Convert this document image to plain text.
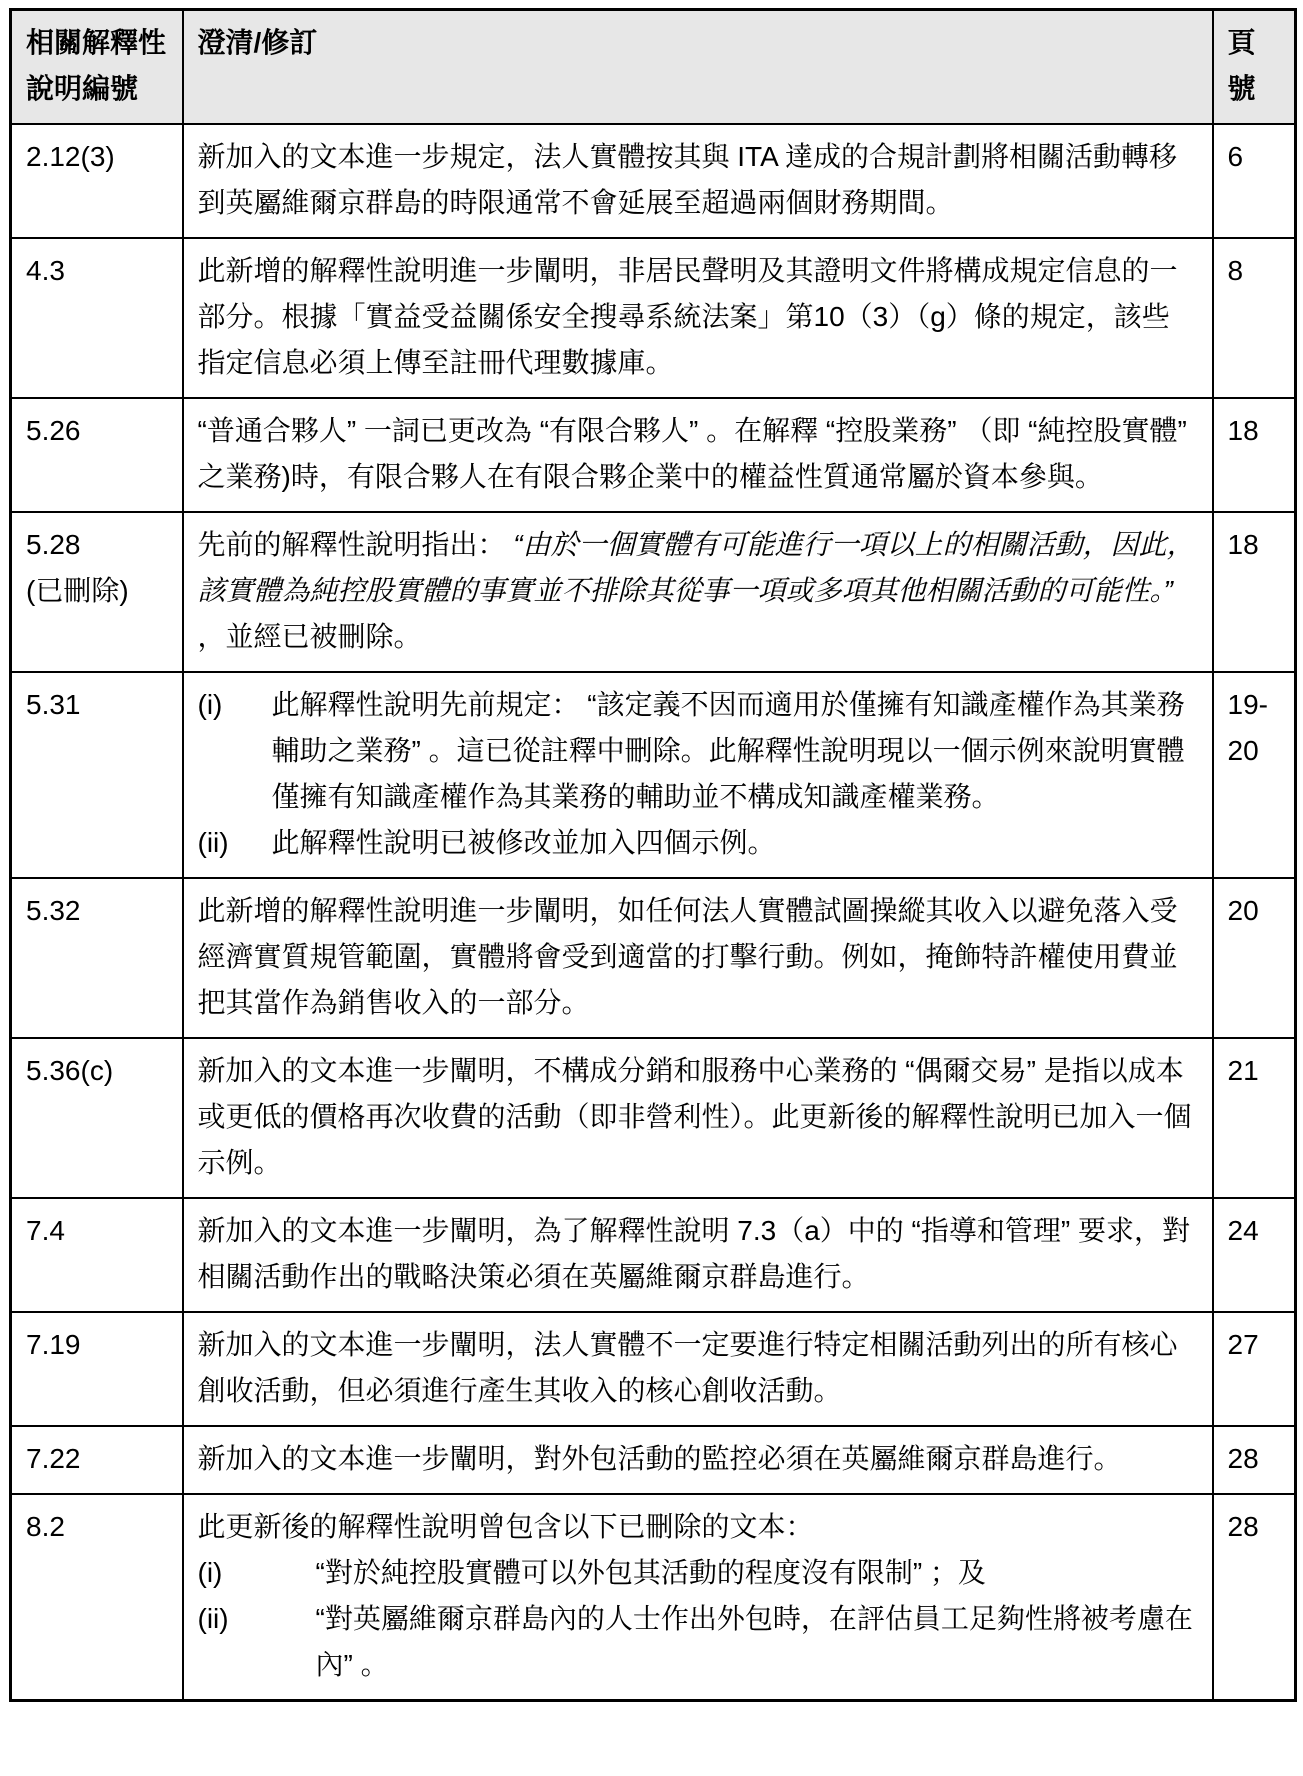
相關解釋性說明編號	澄清/修訂	頁號

2.12(3)	新加入的文本進一步規定，法人實體按其與 ITA 達成的合規計劃將相關活動轉移到英屬維爾京群島的時限通常不會延展至超過兩個財務期間。	6

4.3	此新增的解釋性說明進一步闡明，非居民聲明及其證明文件將構成規定信息的一部分。根據「實益受益關係安全搜尋系統法案」第10（3）（g）條的規定，該些指定信息必須上傳至註冊代理數據庫。	8

5.26	“普通合夥人” 一詞已更改為 “有限合夥人” 。在解釋 “控股業務” （即 “純控股實體” 之業務)時，有限合夥人在有限合夥企業中的權益性質通常屬於資本參與。	18

5.28
(已刪除)	先前的解釋性說明指出： “由於一個實體有可能進行一項以上的相關活動，因此，該實體為純控股實體的事實並不排除其從事一項或多項其他相關活動的可能性。” ，並經已被刪除。	18

5.31	(i) 此解釋性說明先前規定： “該定義不因而適用於僅擁有知識產權作為其業務輔助之業務” 。這已從註釋中刪除。此解釋性說明現以一個示例來說明實體僅擁有知識產權作為其業務的輔助並不構成知識產權業務。
(ii) 此解釋性說明已被修改並加入四個示例。	19-20

5.32	此新增的解釋性說明進一步闡明，如任何法人實體試圖操縱其收入以避免落入受經濟實質規管範圍，實體將會受到適當的打擊行動。例如，掩飾特許權使用費並把其當作為銷售收入的一部分。	20

5.36(c)	新加入的文本進一步闡明，不構成分銷和服務中心業務的 “偶爾交易” 是指以成本或更低的價格再次收費的活動（即非營利性）。此更新後的解釋性說明已加入一個示例。	21

7.4	新加入的文本進一步闡明，為了解釋性說明 7.3（a）中的 “指導和管理” 要求，對相關活動作出的戰略決策必須在英屬維爾京群島進行。	24

7.19	新加入的文本進一步闡明，法人實體不一定要進行特定相關活動列出的所有核心創收活動，但必須進行產生其收入的核心創收活動。	27

7.22	新加入的文本進一步闡明，對外包活動的監控必須在英屬維爾京群島進行。	28

8.2	此更新後的解釋性說明曾包含以下已刪除的文本：
(i) “對於純控股實體可以外包其活動的程度沒有限制” ；及
(ii) “對英屬維爾京群島內的人士作出外包時，在評估員工足夠性將被考慮在內” 。	28
